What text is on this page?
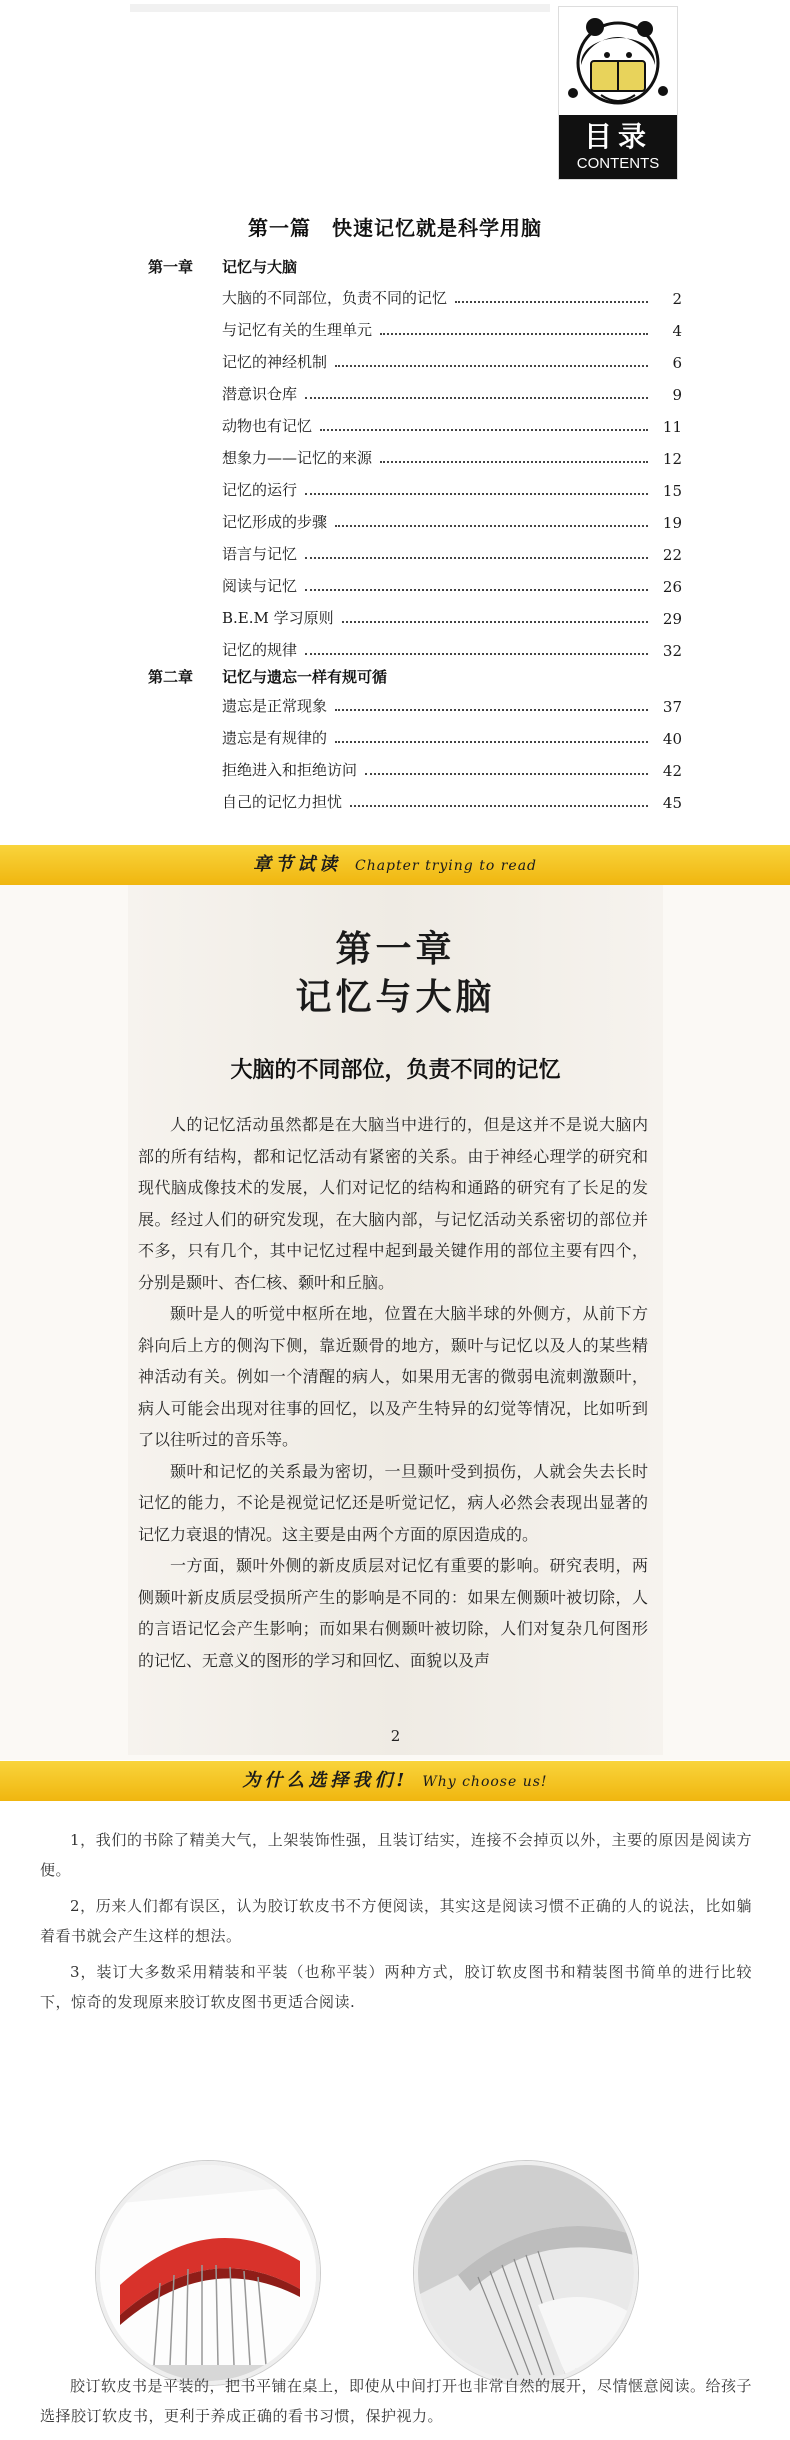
目录
CONTENTS
第一篇　快速记忆就是科学用脑
第一章 记忆与大脑
大脑的不同部位，负责不同的记忆	2
与记忆有关的生理单元	4
记忆的神经机制	6
潜意识仓库	9
动物也有记忆	11
想象力——记忆的来源	12
记忆的运行	15
记忆形成的步骤	19
语言与记忆	22
阅读与记忆	26
B.E.M 学习原则	29
记忆的规律	32
第二章 记忆与遗忘一样有规可循
遗忘是正常现象	37
遗忘是有规律的	40
拒绝进入和拒绝访问	42
自己的记忆力担忧	45
章节试读 Chapter trying to read
第一章
记忆与大脑
大脑的不同部位，负责不同的记忆

人的记忆活动虽然都是在大脑当中进行的，但是这并不是说大脑内部的所有结构，都和记忆活动有紧密的关系。由于神经心理学的研究和现代脑成像技术的发展，人们对记忆的结构和通路的研究有了长足的发展。经过人们的研究发现，在大脑内部，与记忆活动关系密切的部位并不多，只有几个，其中记忆过程中起到最关键作用的部位主要有四个，分别是颞叶、杏仁核、颡叶和丘脑。

颞叶是人的听觉中枢所在地，位置在大脑半球的外侧方，从前下方斜向后上方的侧沟下侧，靠近颞骨的地方，颞叶与记忆以及人的某些精神活动有关。例如一个清醒的病人，如果用无害的微弱电流刺激颞叶，病人可能会出现对往事的回忆，以及产生特异的幻觉等情况，比如听到了以往听过的音乐等。

颞叶和记忆的关系最为密切，一旦颞叶受到损伤，人就会失去长时记忆的能力，不论是视觉记忆还是听觉记忆，病人必然会表现出显著的记忆力衰退的情况。这主要是由两个方面的原因造成的。

一方面，颞叶外侧的新皮质层对记忆有重要的影响。研究表明，两侧颞叶新皮质层受损所产生的影响是不同的：如果左侧颞叶被切除，人的言语记忆会产生影响；而如果右侧颞叶被切除，人们对复杂几何图形的记忆、无意义的图形的学习和回忆、面貌以及声

2
为什么选择我们! Why choose us!

1，我们的书除了精美大气，上架装饰性强，且装订结实，连接不会掉页以外，主要的原因是阅读方便。

2，历来人们都有误区，认为胶订软皮书不方便阅读，其实这是阅读习惯不正确的人的说法，比如躺着看书就会产生这样的想法。

3，装订大多数采用精装和平装（也称平装）两种方式，胶订软皮图书和精装图书简单的进行比较下，惊奇的发现原来胶订软皮图书更适合阅读.

胶订软皮书是平装的，把书平铺在桌上，即使从中间打开也非常自然的展开，尽情惬意阅读。给孩子选择胶订软皮书，更利于养成正确的看书习惯，保护视力。
